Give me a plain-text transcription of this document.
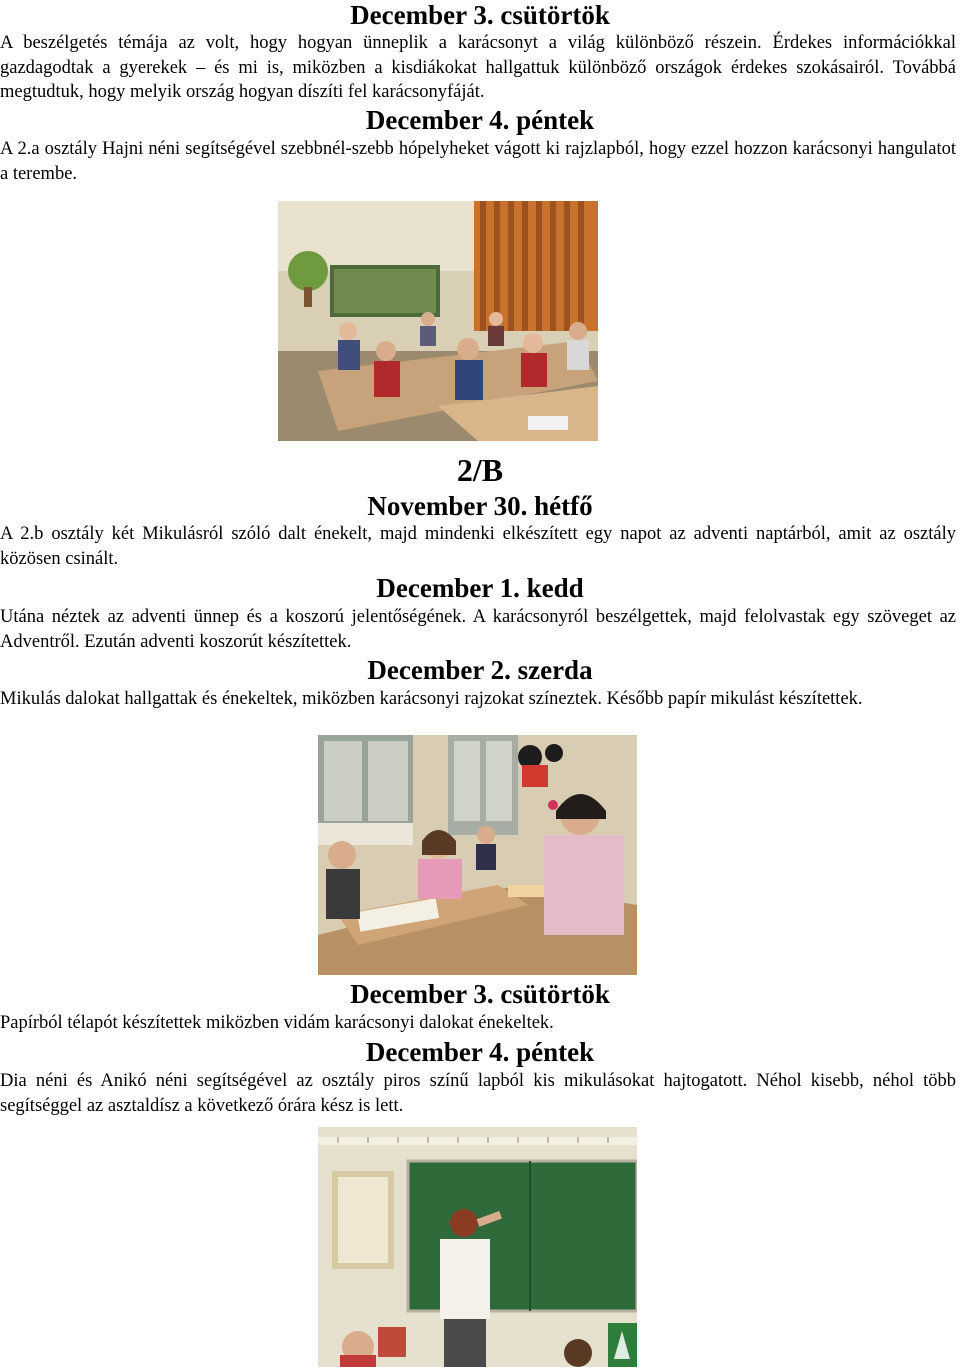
December 3. csütörtök

A beszélgetés témája az volt, hogy hogyan ünneplik a karácsonyt a világ különböző részein. Érdekes információkkal gazdagodtak a gyerekek – és mi is, miközben a kisdiákokat hallgattuk különböző országok érdekes szokásairól. Továbbá megtudtuk, hogy melyik ország hogyan díszíti fel karácsonyfáját.

December 4. péntek

A 2.a osztály Hajni néni segítségével szebbnél-szebb hópelyheket vágott ki rajzlapból, hogy ezzel hozzon karácsonyi hangulatot a terembe.

2/B
November 30. hétfő

A 2.b osztály két Mikulásról szóló dalt énekelt, majd mindenki elkészített egy napot az adventi naptárból, amit az osztály közösen csinált.

December 1. kedd

Utána néztek az adventi ünnep és a koszorú jelentőségének. A karácsonyról beszélgettek, majd felolvastak egy szöveget az Adventről. Ezután adventi koszorút készítettek.

December 2. szerda

Mikulás dalokat hallgattak és énekeltek, miközben karácsonyi rajzokat színeztek. Később papír mikulást készítettek.

December 3. csütörtök

Papírból télapót készítettek miközben vidám karácsonyi dalokat énekeltek.

December 4. péntek

Dia néni és Anikó néni segítségével az osztály piros színű lapból kis mikulásokat hajtogatott. Néhol kisebb, néhol több segítséggel az asztaldísz a következő órára kész is lett.
